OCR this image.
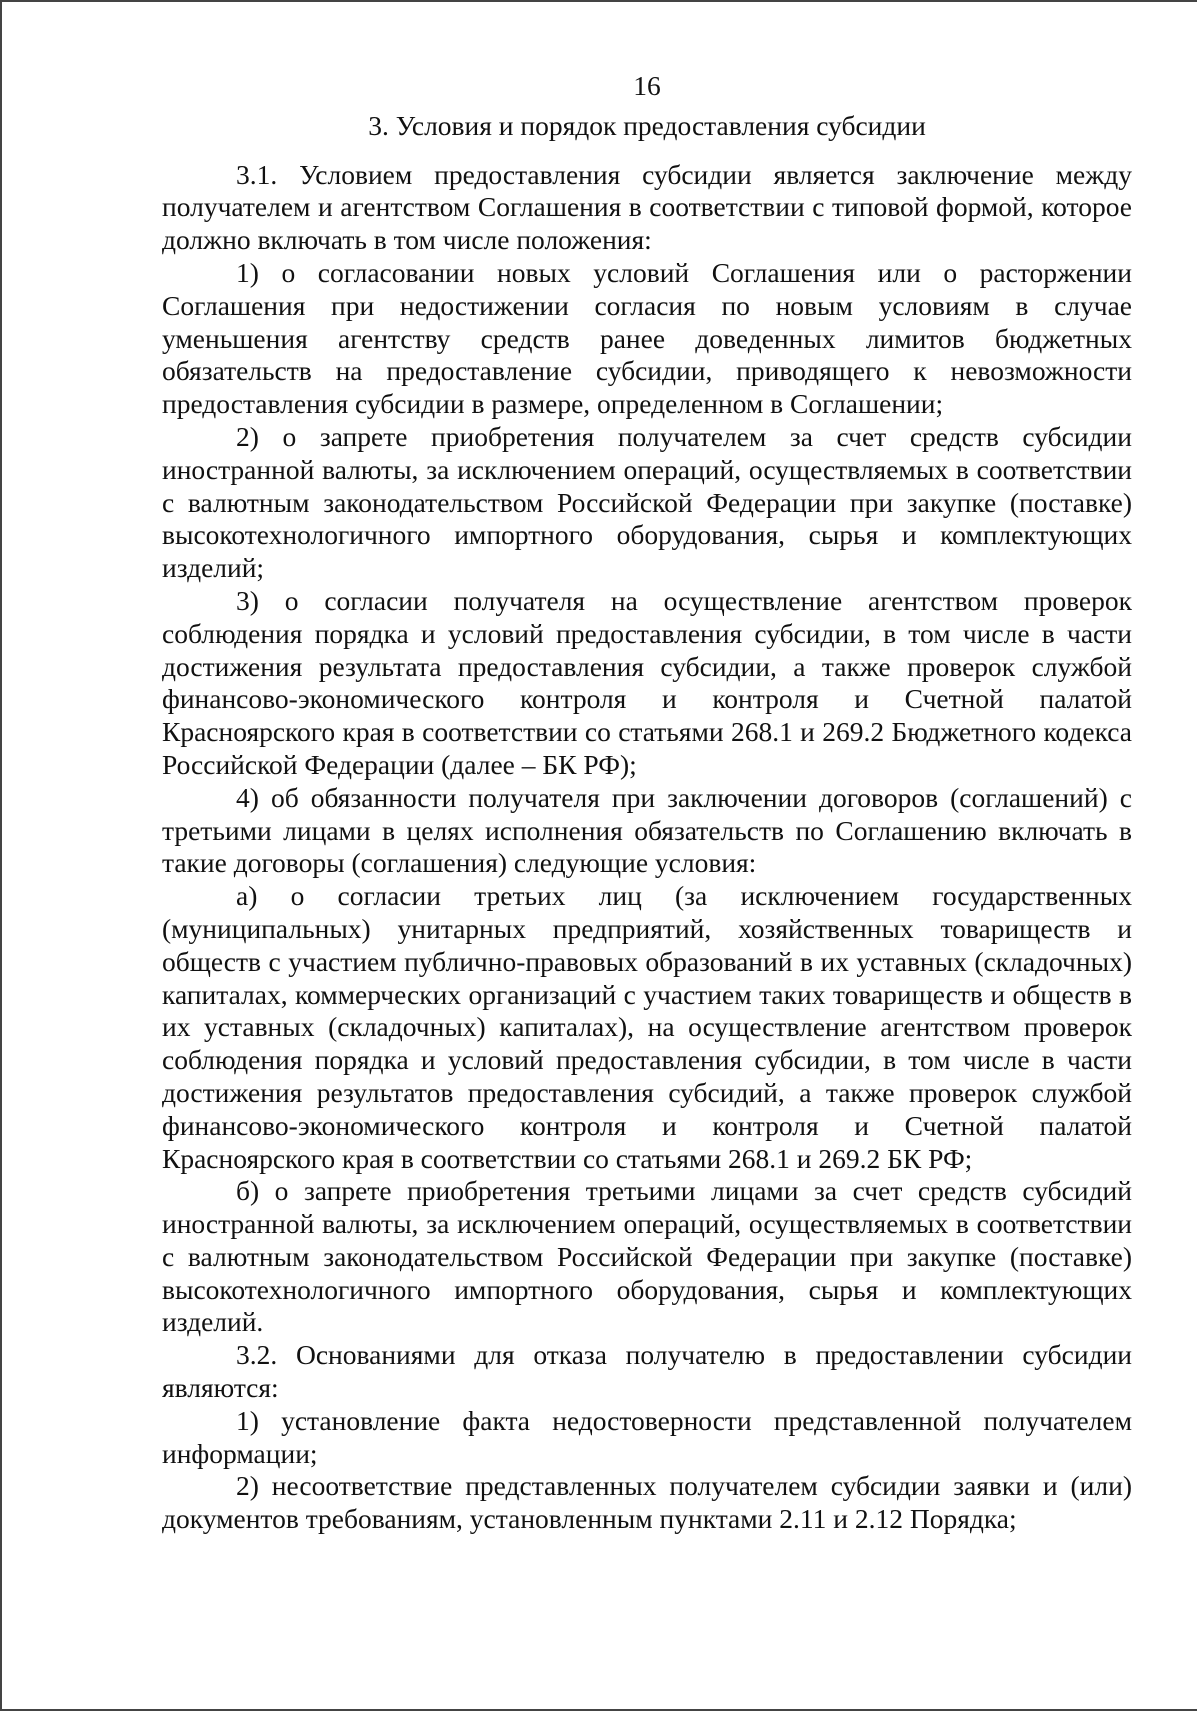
16
3. Условия и порядок предоставления субсидии

3.1. Условием предоставления субсидии является заключение между получателем и агентством Соглашения в соответствии с типовой формой, которое должно включать в том числе положения:

1) о согласовании новых условий Соглашения или о расторжении Соглашения при недостижении согласия по новым условиям в случае уменьшения агентству средств ранее доведенных лимитов бюджетных обязательств на предоставление субсидии, приводящего к невозможности предоставления субсидии в размере, определенном в Соглашении;

2) о запрете приобретения получателем за счет средств субсидии иностранной валюты, за исключением операций, осуществляемых в соответствии с валютным законодательством Российской Федерации при закупке (поставке) высокотехнологичного импортного оборудования, сырья и комплектующих изделий;

3) о согласии получателя на осуществление агентством проверок соблюдения порядка и условий предоставления субсидии, в том числе в части достижения результата предоставления субсидии, а также проверок службой финансово-экономического контроля и контроля и Счетной палатой Красноярского края в соответствии со статьями 268.1 и 269.2 Бюджетного кодекса Российской Федерации (далее – БК РФ);

4) об обязанности получателя при заключении договоров (соглашений) с третьими лицами в целях исполнения обязательств по Соглашению включать в такие договоры (соглашения) следующие условия:

а) о согласии третьих лиц (за исключением государственных (муниципальных) унитарных предприятий, хозяйственных товариществ и обществ с участием публично-правовых образований в их уставных (складочных) капиталах, коммерческих организаций с участием таких товариществ и обществ в их уставных (складочных) капиталах), на осуществление агентством проверок соблюдения порядка и условий предоставления субсидии, в том числе в части достижения результатов предоставления субсидий, а также проверок службой финансово-экономического контроля и контроля и Счетной палатой Красноярского края в соответствии со статьями 268.1 и 269.2 БК РФ;

б) о запрете приобретения третьими лицами за счет средств субсидий иностранной валюты, за исключением операций, осуществляемых в соответствии с валютным законодательством Российской Федерации при закупке (поставке) высокотехнологичного импортного оборудования, сырья и комплектующих изделий.

3.2. Основаниями для отказа получателю в предоставлении субсидии являются:

1) установление факта недостоверности представленной получателем информации;

2) несоответствие представленных получателем субсидии заявки и (или) документов требованиям, установленным пунктами 2.11 и 2.12 Порядка;
